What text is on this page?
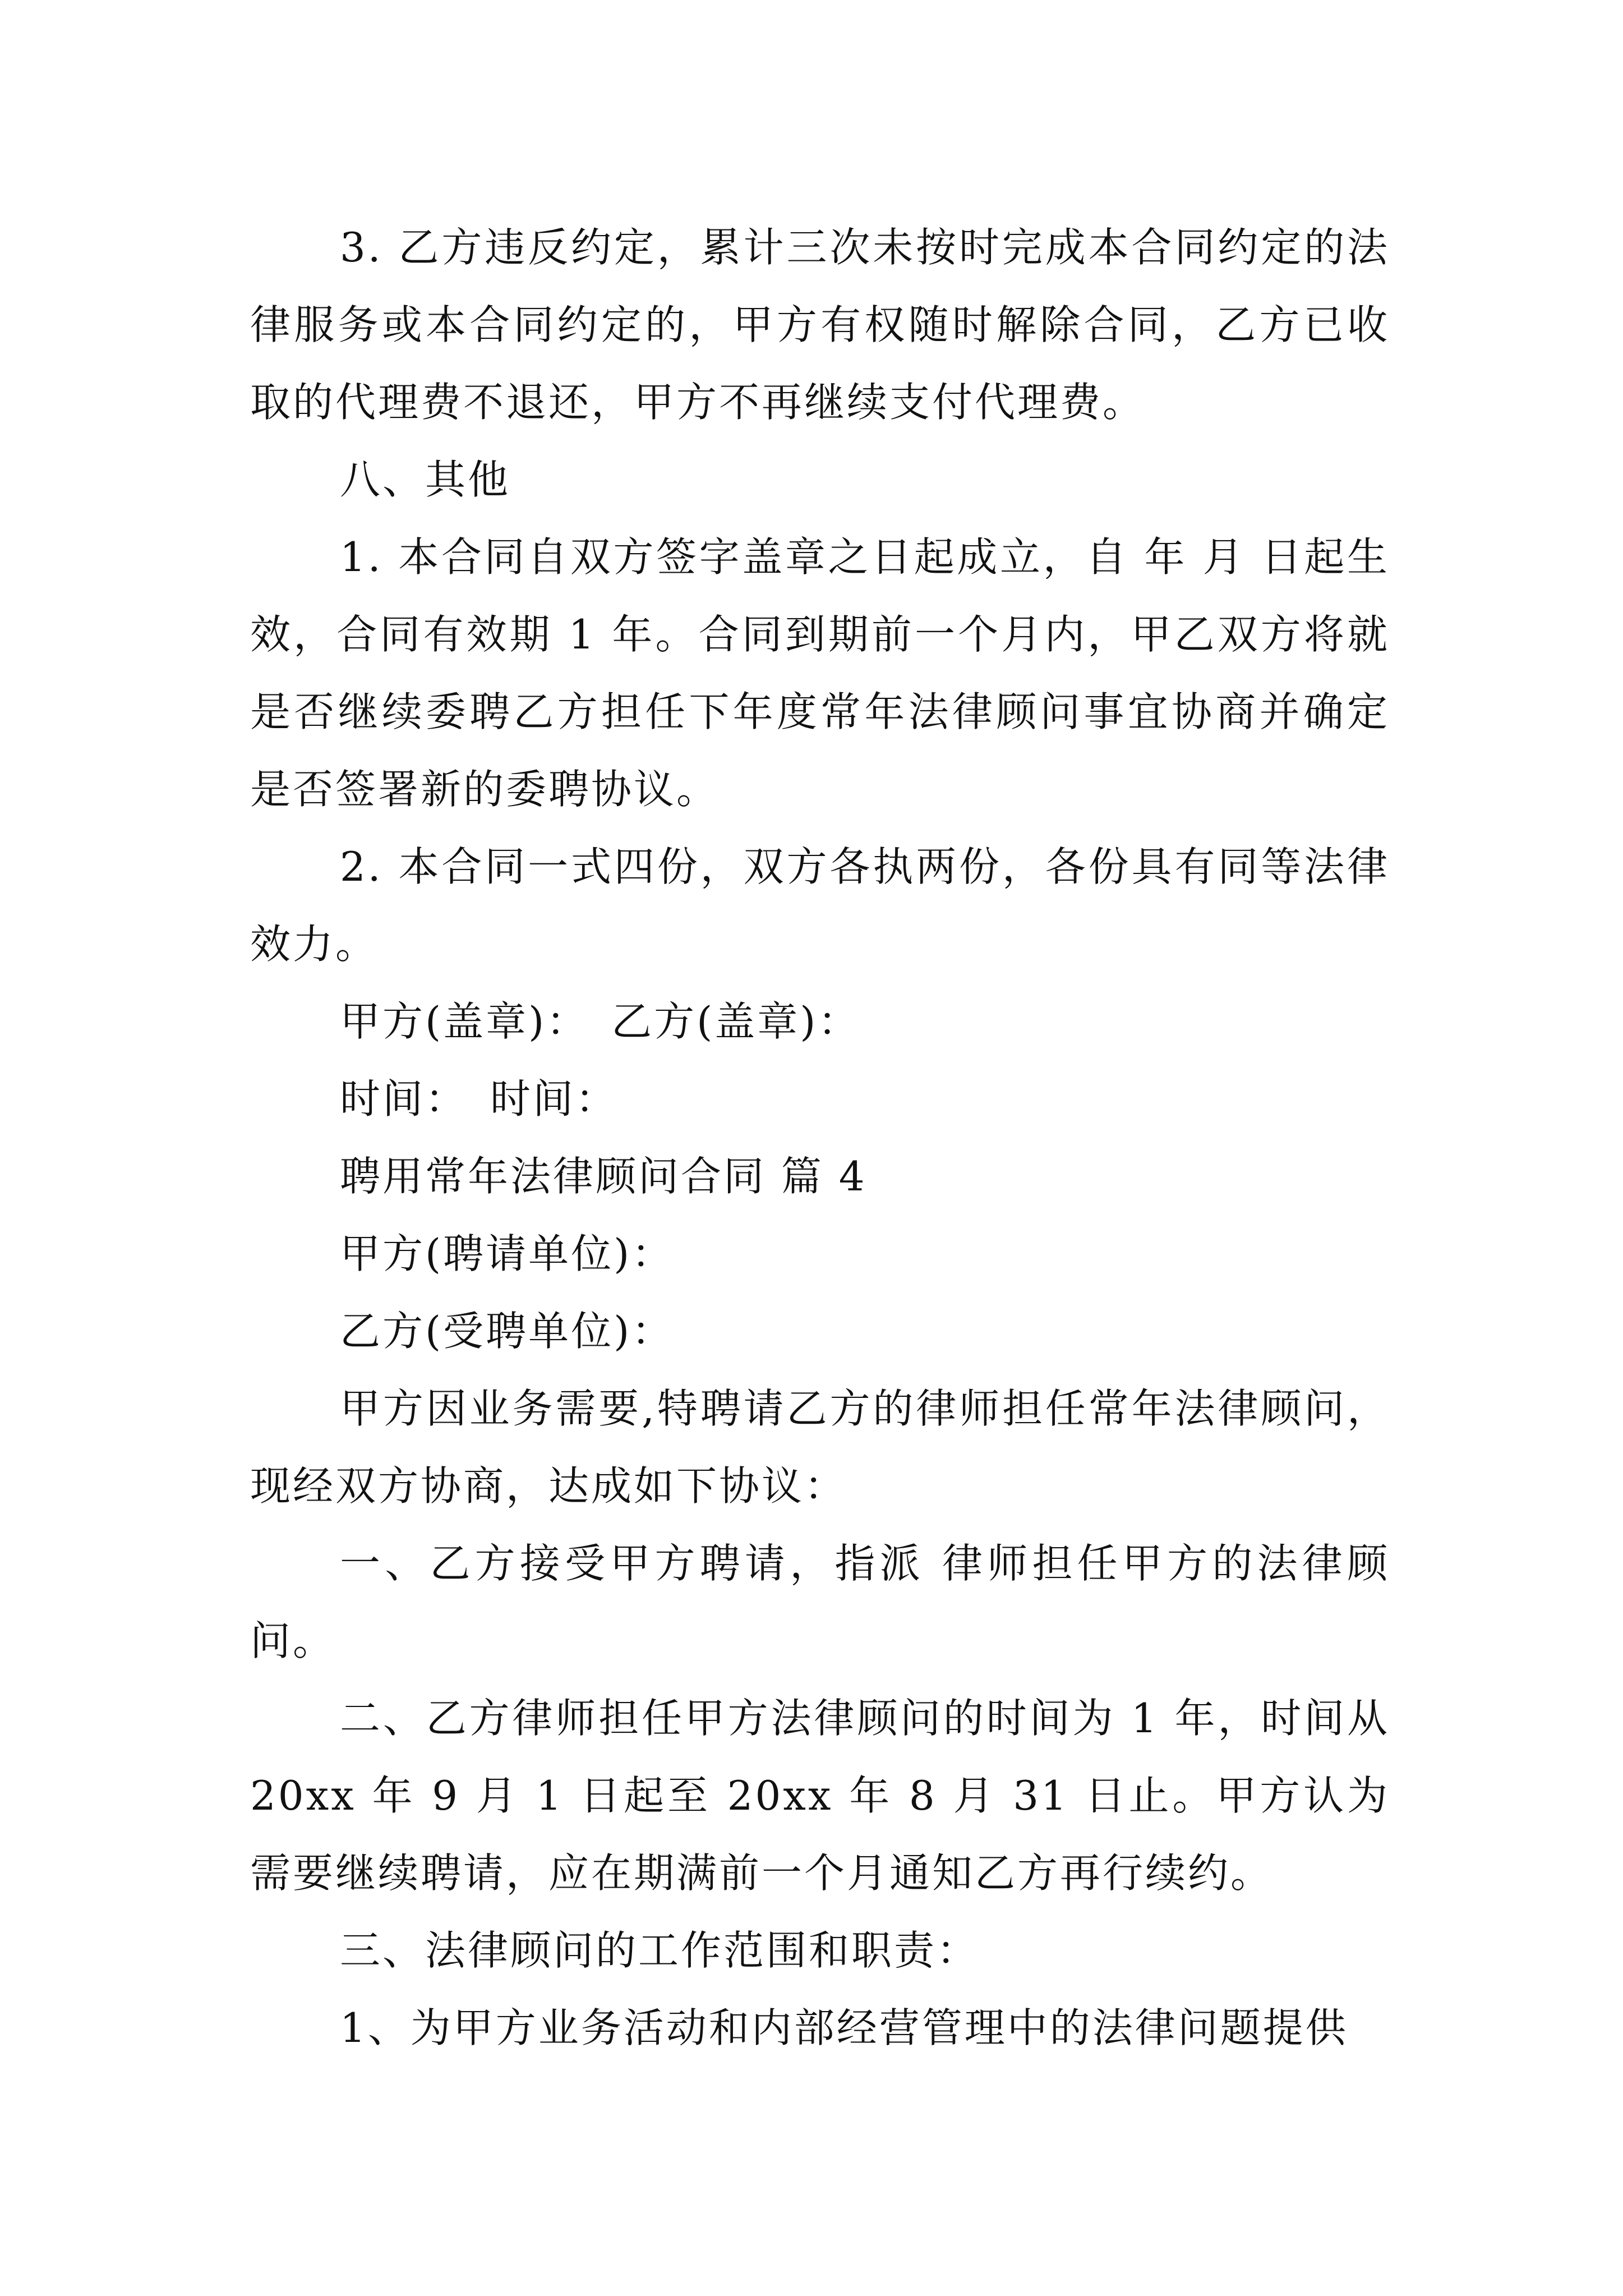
3. 乙方违反约定，累计三次未按时完成本合同约定的法律服务或本合同约定的，甲方有权随时解除合同，乙方已收取的代理费不退还，甲方不再继续支付代理费。

八、其他

1. 本合同自双方签字盖章之日起成立，自 年 月 日起生效，合同有效期 1 年。合同到期前一个月内，甲乙双方将就是否继续委聘乙方担任下年度常年法律顾问事宜协商并确定是否签署新的委聘协议。

2. 本合同一式四份，双方各执两份，各份具有同等法律效力。

甲方(盖章)：　乙方(盖章)：

时间：　时间：

聘用常年法律顾问合同 篇 4

甲方(聘请单位)：

乙方(受聘单位)：

甲方因业务需要,特聘请乙方的律师担任常年法律顾问，现经双方协商，达成如下协议：

一、乙方接受甲方聘请，指派 律师担任甲方的法律顾问。

二、乙方律师担任甲方法律顾问的时间为 1 年，时间从 20xx 年 9 月 1 日起至 20xx 年 8 月 31 日止。甲方认为需要继续聘请，应在期满前一个月通知乙方再行续约。

三、法律顾问的工作范围和职责：

1、为甲方业务活动和内部经营管理中的法律问题提供
